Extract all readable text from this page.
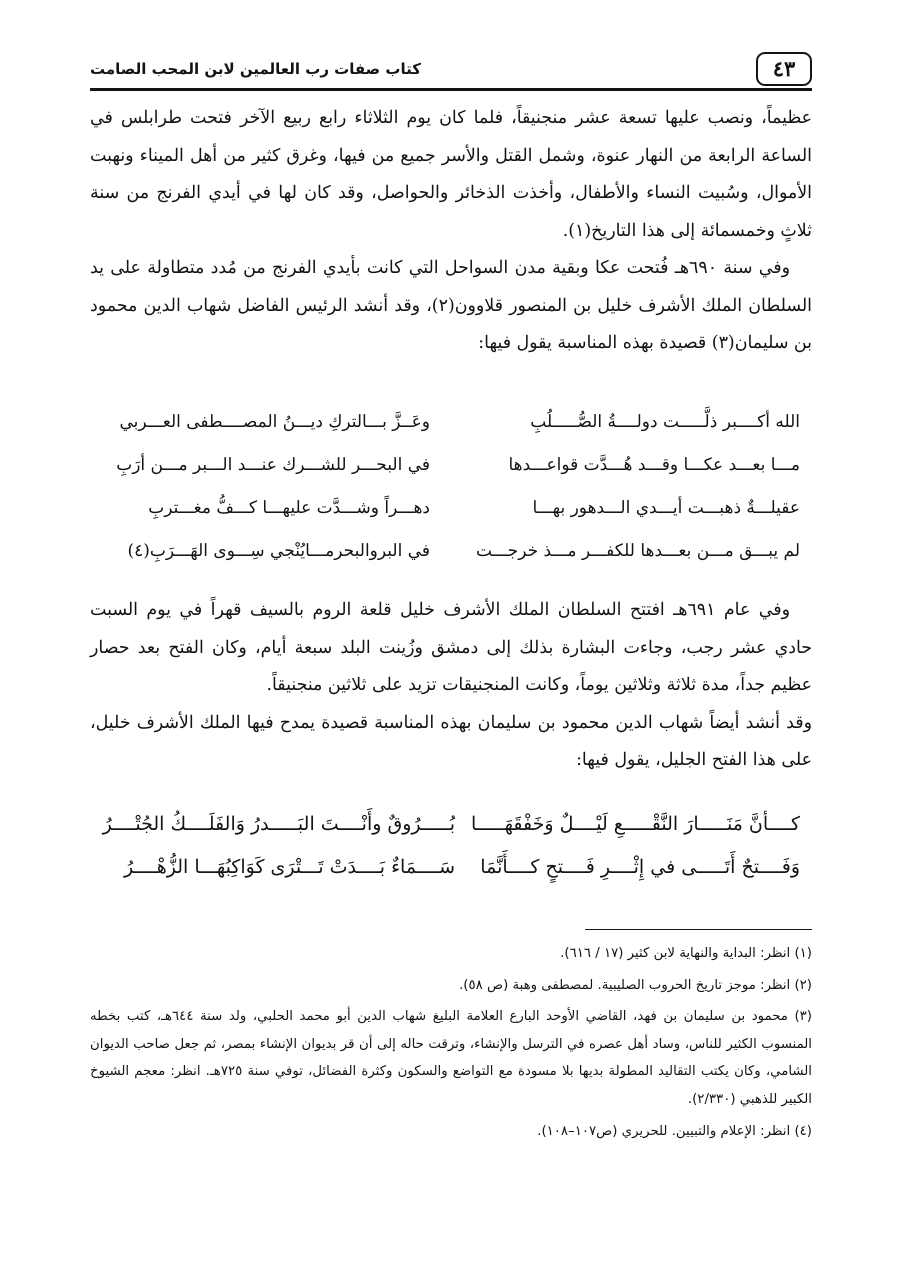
٤٣
كتاب صفات رب العالمين لابن المحب الصامت

عظيماً، ونصب عليها تسعة عشر منجنيقاً، فلما كان يوم الثلاثاء رابع ربيع الآخر فتحت طرابلس في الساعة الرابعة من النهار عنوة، وشمل القتل والأسر جميع من فيها، وغرق كثير من أهل الميناء ونهبت الأموال، وسُبيت النساء والأطفال، وأخذت الذخائر والحواصل، وقد كان لها في أيدي الفرنج من سنة ثلاثٍ وخمسمائة إلى هذا التاريخ(١).

وفي سنة ٦٩٠هـ فُتحت عكا وبقية مدن السواحل التي كانت بأيدي الفرنج من مُدد متطاولة على يد السلطان الملك الأشرف خليل بن المنصور قلاوون(٢)، وقد أنشد الرئيس الفاضل شهاب الدين محمود بن سليمان(٣) قصيدة بهذه المناسبة يقول فيها:

الله أكــــبر ذلَّـــــت دولــــةُ الصُّـــــلُبِ
وعَــزَّ بـــالتركِ ديـــنُ المصــــطفى العـــربي
مـــا بعـــد عكـــا وقـــد هُـــدَّت قواعـــدها
في البحـــر للشـــرك عنـــد الـــبر مـــن أرَبِ
عقيلـــةٌ ذهبـــت أيـــدي الـــدهور بهـــا
دهـــراً وشـــدَّت عليهـــا كـــفُّ مغـــتربِ
لم يبـــق مـــن بعـــدها للكفـــر مـــذ خرجـــت
في البروالبحرمـــايُنْجي سِـــوى الهَـــرَبِ(٤)

وفي عام ٦٩١هـ افتتح السلطان الملك الأشرف خليل قلعة الروم بالسيف قهراً في يوم السبت حادي عشر رجب، وجاءت البشارة بذلك إلى دمشق وزُينت البلد سبعة أيام، وكان الفتح بعد حصار عظيم جداً، مدة ثلاثة وثلاثين يوماً، وكانت المنجنيقات تزيد على ثلاثين منجنيقاً.

وقد أنشد أيضاً شهاب الدين محمود بن سليمان بهذه المناسبة قصيدة يمدح فيها الملك الأشرف خليل، على هذا الفتح الجليل، يقول فيها:

كــــأنَّ مَنَـــــارَ النَّقْـــــعِ لَيْــــلٌ وَخَفْقَهَـــــا
بُـــــرُوقٌ وأَنْــــتَ البَـــــدرُ وَالفَلَــــكُ الجُتْــــرُ
وَفَــــتحٌ أَتَـــــى في إِثْــــرِ فَــــتحٍ كــــأَنَّمَا
سَــــمَاءٌ بَــــدَتْ تَـــتْرَى كَوَاكِبُهَـــا الزُّهْــــرُ

(١) انظر: البداية والنهاية لابن كثير (١٧ / ٦١٦).

(٢) انظر: موجز تاريخ الحروب الصليبية. لمصطفى وهبة (ص ٥٨).

(٣) محمود بن سليمان بن فهد، القاضي الأوحد البارع العلامة البليغ شهاب الدين أبو محمد الحلبي، ولد سنة ٦٤٤هـ، كتب بخطه المنسوب الكثير للناس، وساد أهل عصره في الترسل والإنشاء، وترقت حاله إلى أن قر بديوان الإنشاء بمصر، ثم جعل صاحب الديوان الشامي، وكان يكتب التقاليد المطولة بديها بلا مسودة مع التواضع والسكون وكثرة الفضائل، توفي سنة ٧٢٥هـ. انظر: معجم الشيوخ الكبير للذهبي (٢/٣٣٠).

(٤) انظر: الإعلام والتبيين. للحريري (ص١٠٧–١٠٨).
